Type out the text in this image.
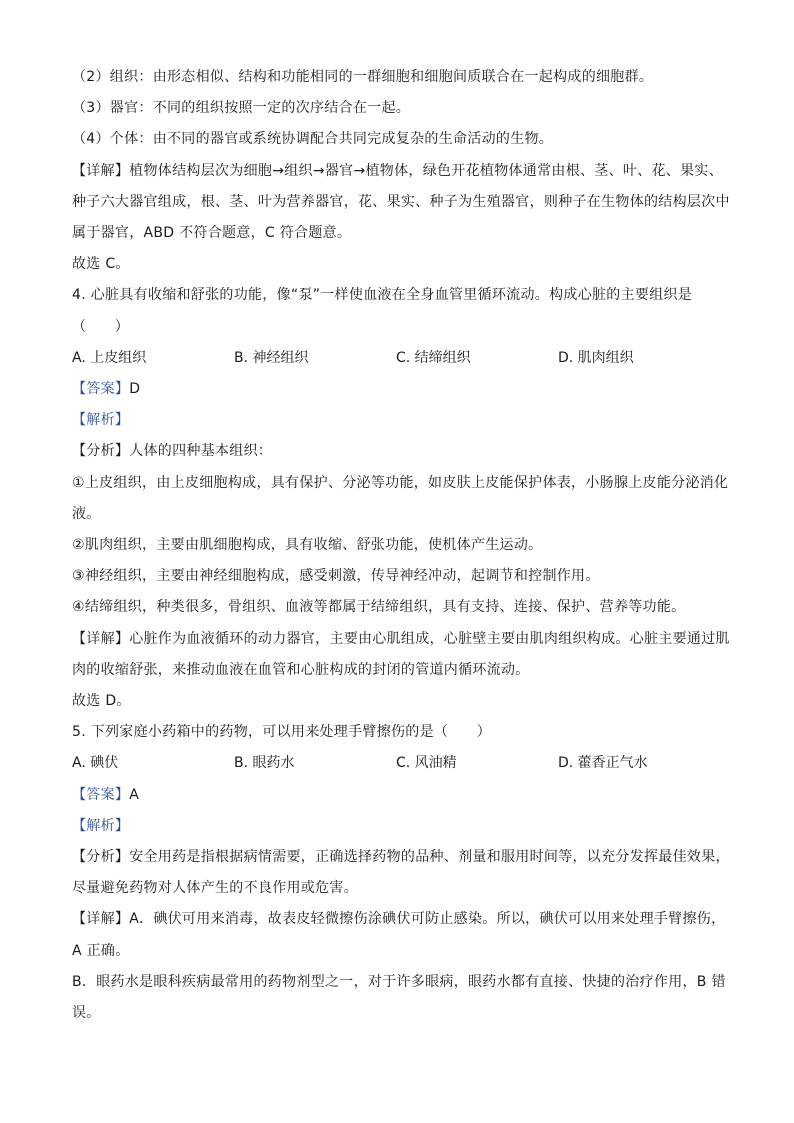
（2）组织：由形态相似、结构和功能相同的一群细胞和细胞间质联合在一起构成的细胞群。

（3）器官：不同的组织按照一定的次序结合在一起。

（4）个体：由不同的器官或系统协调配合共同完成复杂的生命活动的生物。

【详解】植物体结构层次为细胞→组织→器官→植物体，绿色开花植物体通常由根、茎、叶、花、果实、

种子六大器官组成，根、茎、叶为营养器官，花、果实、种子为生殖器官，则种子在生物体的结构层次中

属于器官，ABD 不符合题意，C 符合题意。

故选 C。

4. 心脏具有收缩和舒张的功能，像“泵”一样使血液在全身血管里循环流动。构成心脏的主要组织是

（　　）

A. 上皮组织	B. 神经组织	C. 结缔组织	D. 肌肉组织

【答案】D

【解析】

【分析】人体的四种基本组织：

①上皮组织，由上皮细胞构成，具有保护、分泌等功能，如皮肤上皮能保护体表，小肠腺上皮能分泌消化

液。

②肌肉组织，主要由肌细胞构成，具有收缩、舒张功能，使机体产生运动。

③神经组织，主要由神经细胞构成，感受刺激，传导神经冲动，起调节和控制作用。

④结缔组织，种类很多，骨组织、血液等都属于结缔组织，具有支持、连接、保护、营养等功能。

【详解】心脏作为血液循环的动力器官，主要由心肌组成，心脏壁主要由肌肉组织构成。心脏主要通过肌

肉的收缩舒张，来推动血液在血管和心脏构成的封闭的管道内循环流动。

故选 D。

5. 下列家庭小药箱中的药物，可以用来处理手臂擦伤的是（　　）

A. 碘伏	B. 眼药水	C. 风油精	D. 藿香正气水

【答案】A

【解析】

【分析】安全用药是指根据病情需要，正确选择药物的品种、剂量和服用时间等，以充分发挥最佳效果，

尽量避免药物对人体产生的不良作用或危害。

【详解】A．碘伏可用来消毒，故表皮轻微擦伤涂碘伏可防止感染。所以，碘伏可以用来处理手臂擦伤，

A 正确。

B．眼药水是眼科疾病最常用的药物剂型之一，对于许多眼病，眼药水都有直接、快捷的治疗作用，B 错

误。
